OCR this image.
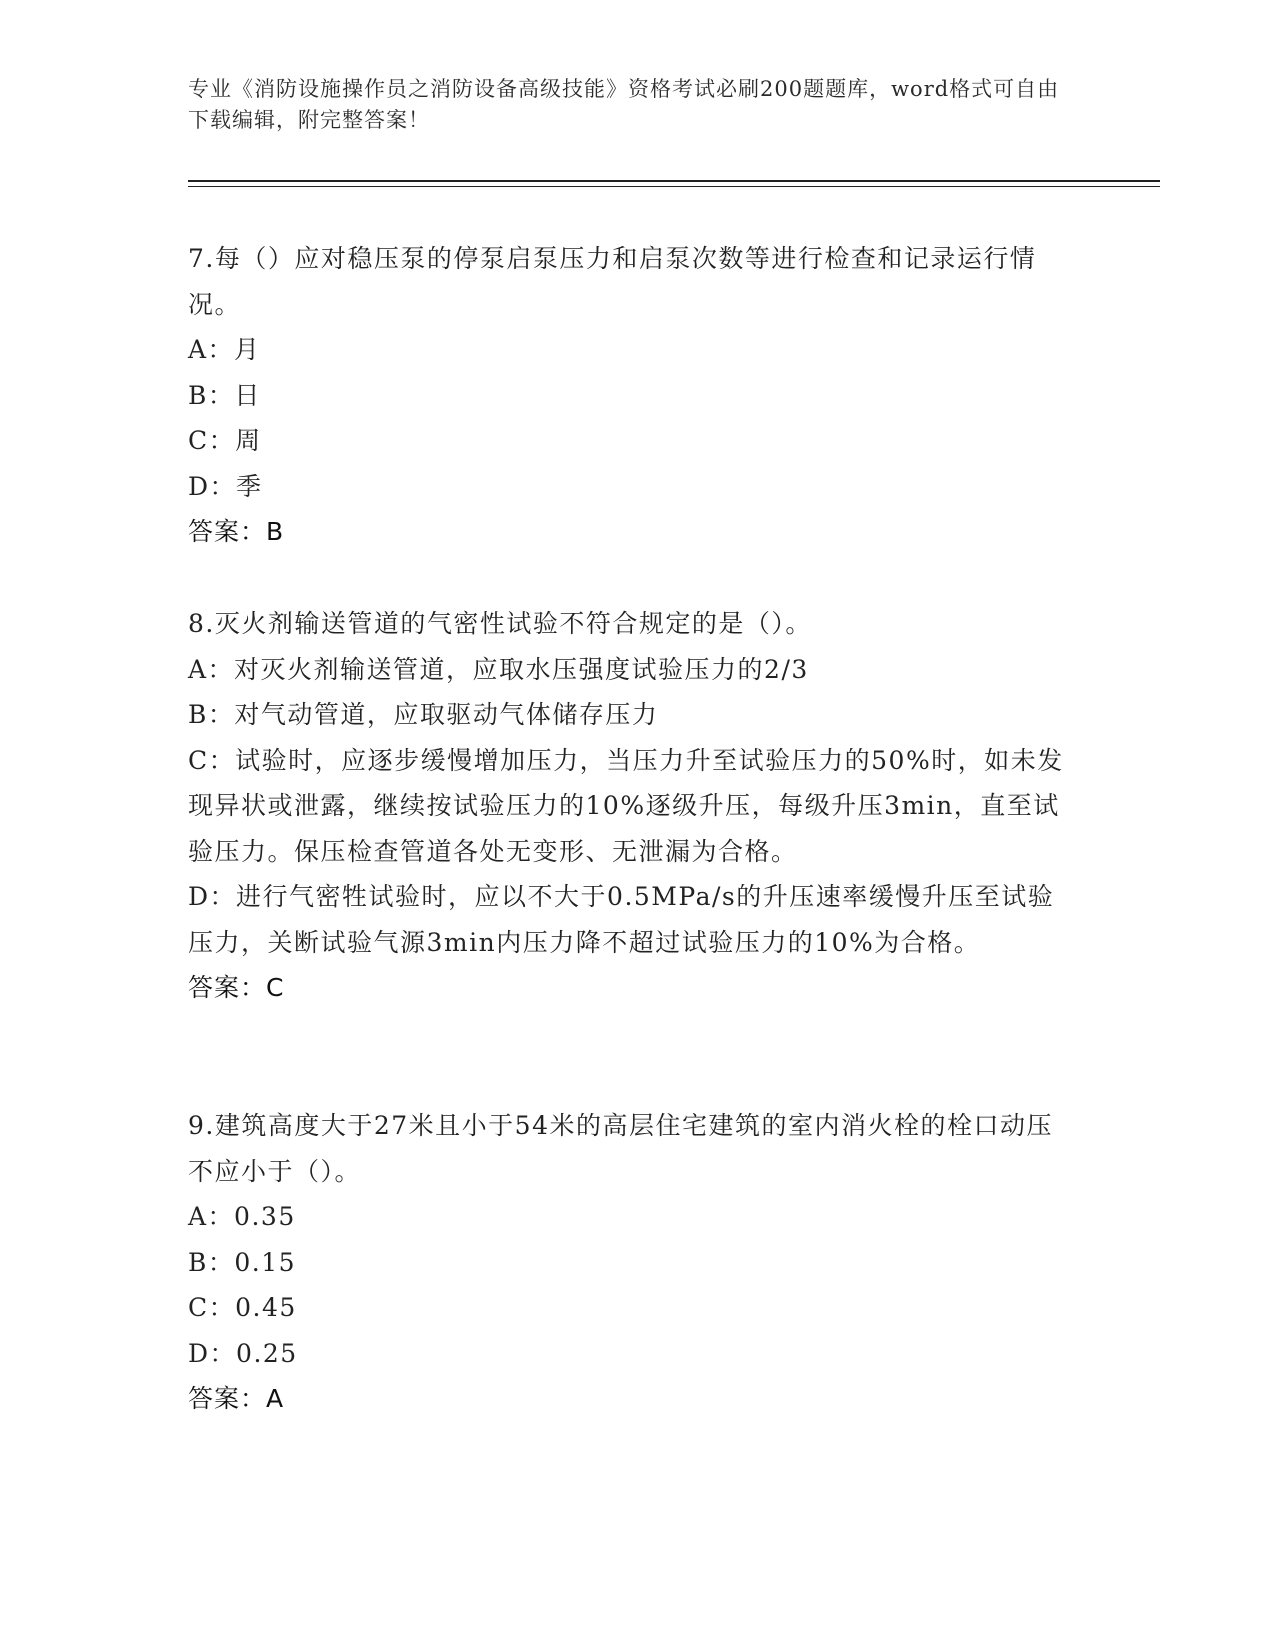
专业《消防设施操作员之消防设备高级技能》资格考试必刷200题题库，word格式可自由下载编辑，附完整答案！
7.每（）应对稳压泵的停泵启泵压力和启泵次数等进行检查和记录运行情况。
A：月
B：日
C：周
D：季
答案：B
8.灭火剂输送管道的气密性试验不符合规定的是（）。
A：对灭火剂输送管道，应取水压强度试验压力的2/3
B：对气动管道，应取驱动气体储存压力
C：试验时，应逐步缓慢增加压力，当压力升至试验压力的50%时，如未发现异状或泄露，继续按试验压力的10%逐级升压，每级升压3min，直至试验压力。保压检查管道各处无变形、无泄漏为合格。
D：进行气密牲试验时，应以不大于0.5MPa/s的升压速率缓慢升压至试验压力，关断试验气源3min内压力降不超过试验压力的10%为合格。
答案：C
9.建筑高度大于27米且小于54米的高层住宅建筑的室内消火栓的栓口动压不应小于（）。
A：0.35
B：0.15
C：0.45
D：0.25
答案：A
